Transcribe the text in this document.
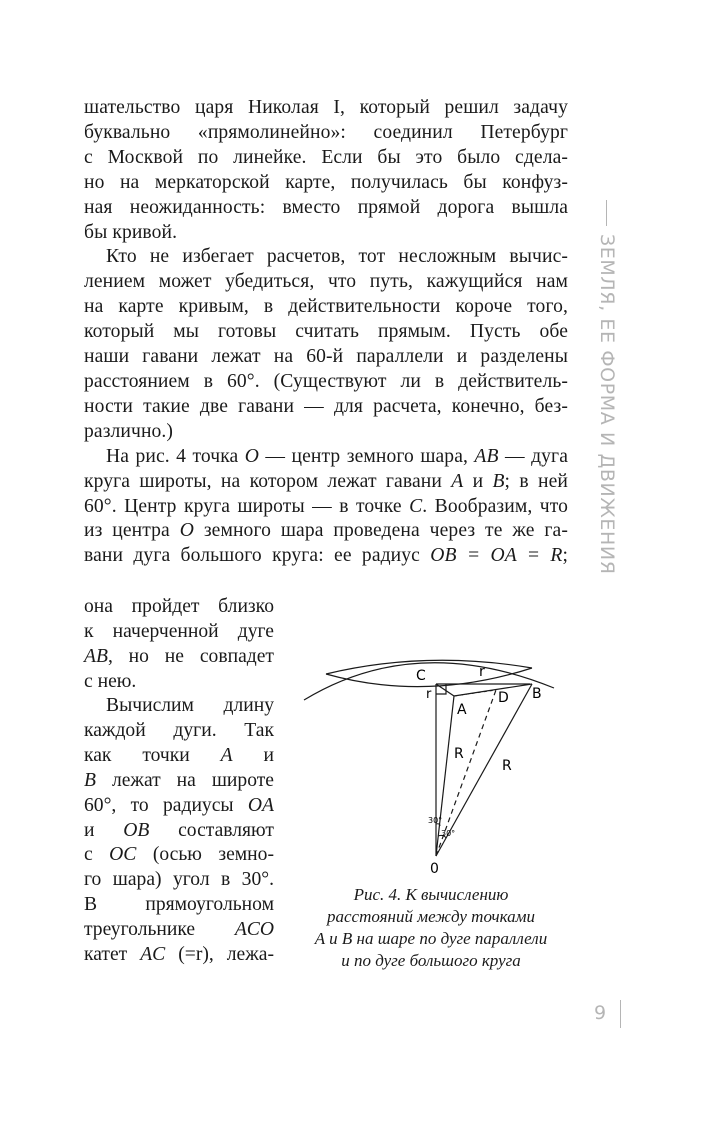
шательство царя Николая I, который решил задачу
буквально «прямолинейно»: соединил Петербург
с Москвой по линейке. Если бы это было сдела-
но на меркаторской карте, получилась бы конфуз-
ная неожиданность: вместо прямой дорога вышла
бы кривой.

Кто не избегает расчетов, тот несложным вычис-
лением может убедиться, что путь, кажущийся нам
на карте кривым, в действительности короче того,
который мы готовы считать прямым. Пусть обе
наши гавани лежат на 60-й параллели и разделены
расстоянием в 60°. (Существуют ли в действитель-
ности такие две гавани — для расчета, конечно, без-
различно.)

На рис. 4 точка O — центр земного шара, AB — дуга
круга широты, на котором лежат гавани A и B; в ней
60°. Центр круга широты — в точке C. Вообразим, что
из центра O земного шара проведена через те же га-
вани дуга большого круга: ее радиус OB = OA = R;

она пройдет близко
к начерченной дуге
AB, но не совпадет
с нею.
Вычислим длину
каждой дуги. Так
как точки A и
B лежат на широте
60°, то радиусы OA
и OB составляют
с OC (осью земно-
го шара) угол в 30°.
В прямоугольном
треугольнике ACO
катет AC (=r), лежа-
C	r
r	D B
A
R
R
30°
30°
0
Рис. 4. К вычислению
расстояний между точками
A и B на шаре по дуге параллели
и по дуге большого круга
ЗЕМЛЯ, ЕЕ ФОРМА И ДВИЖЕНИЯ
9
